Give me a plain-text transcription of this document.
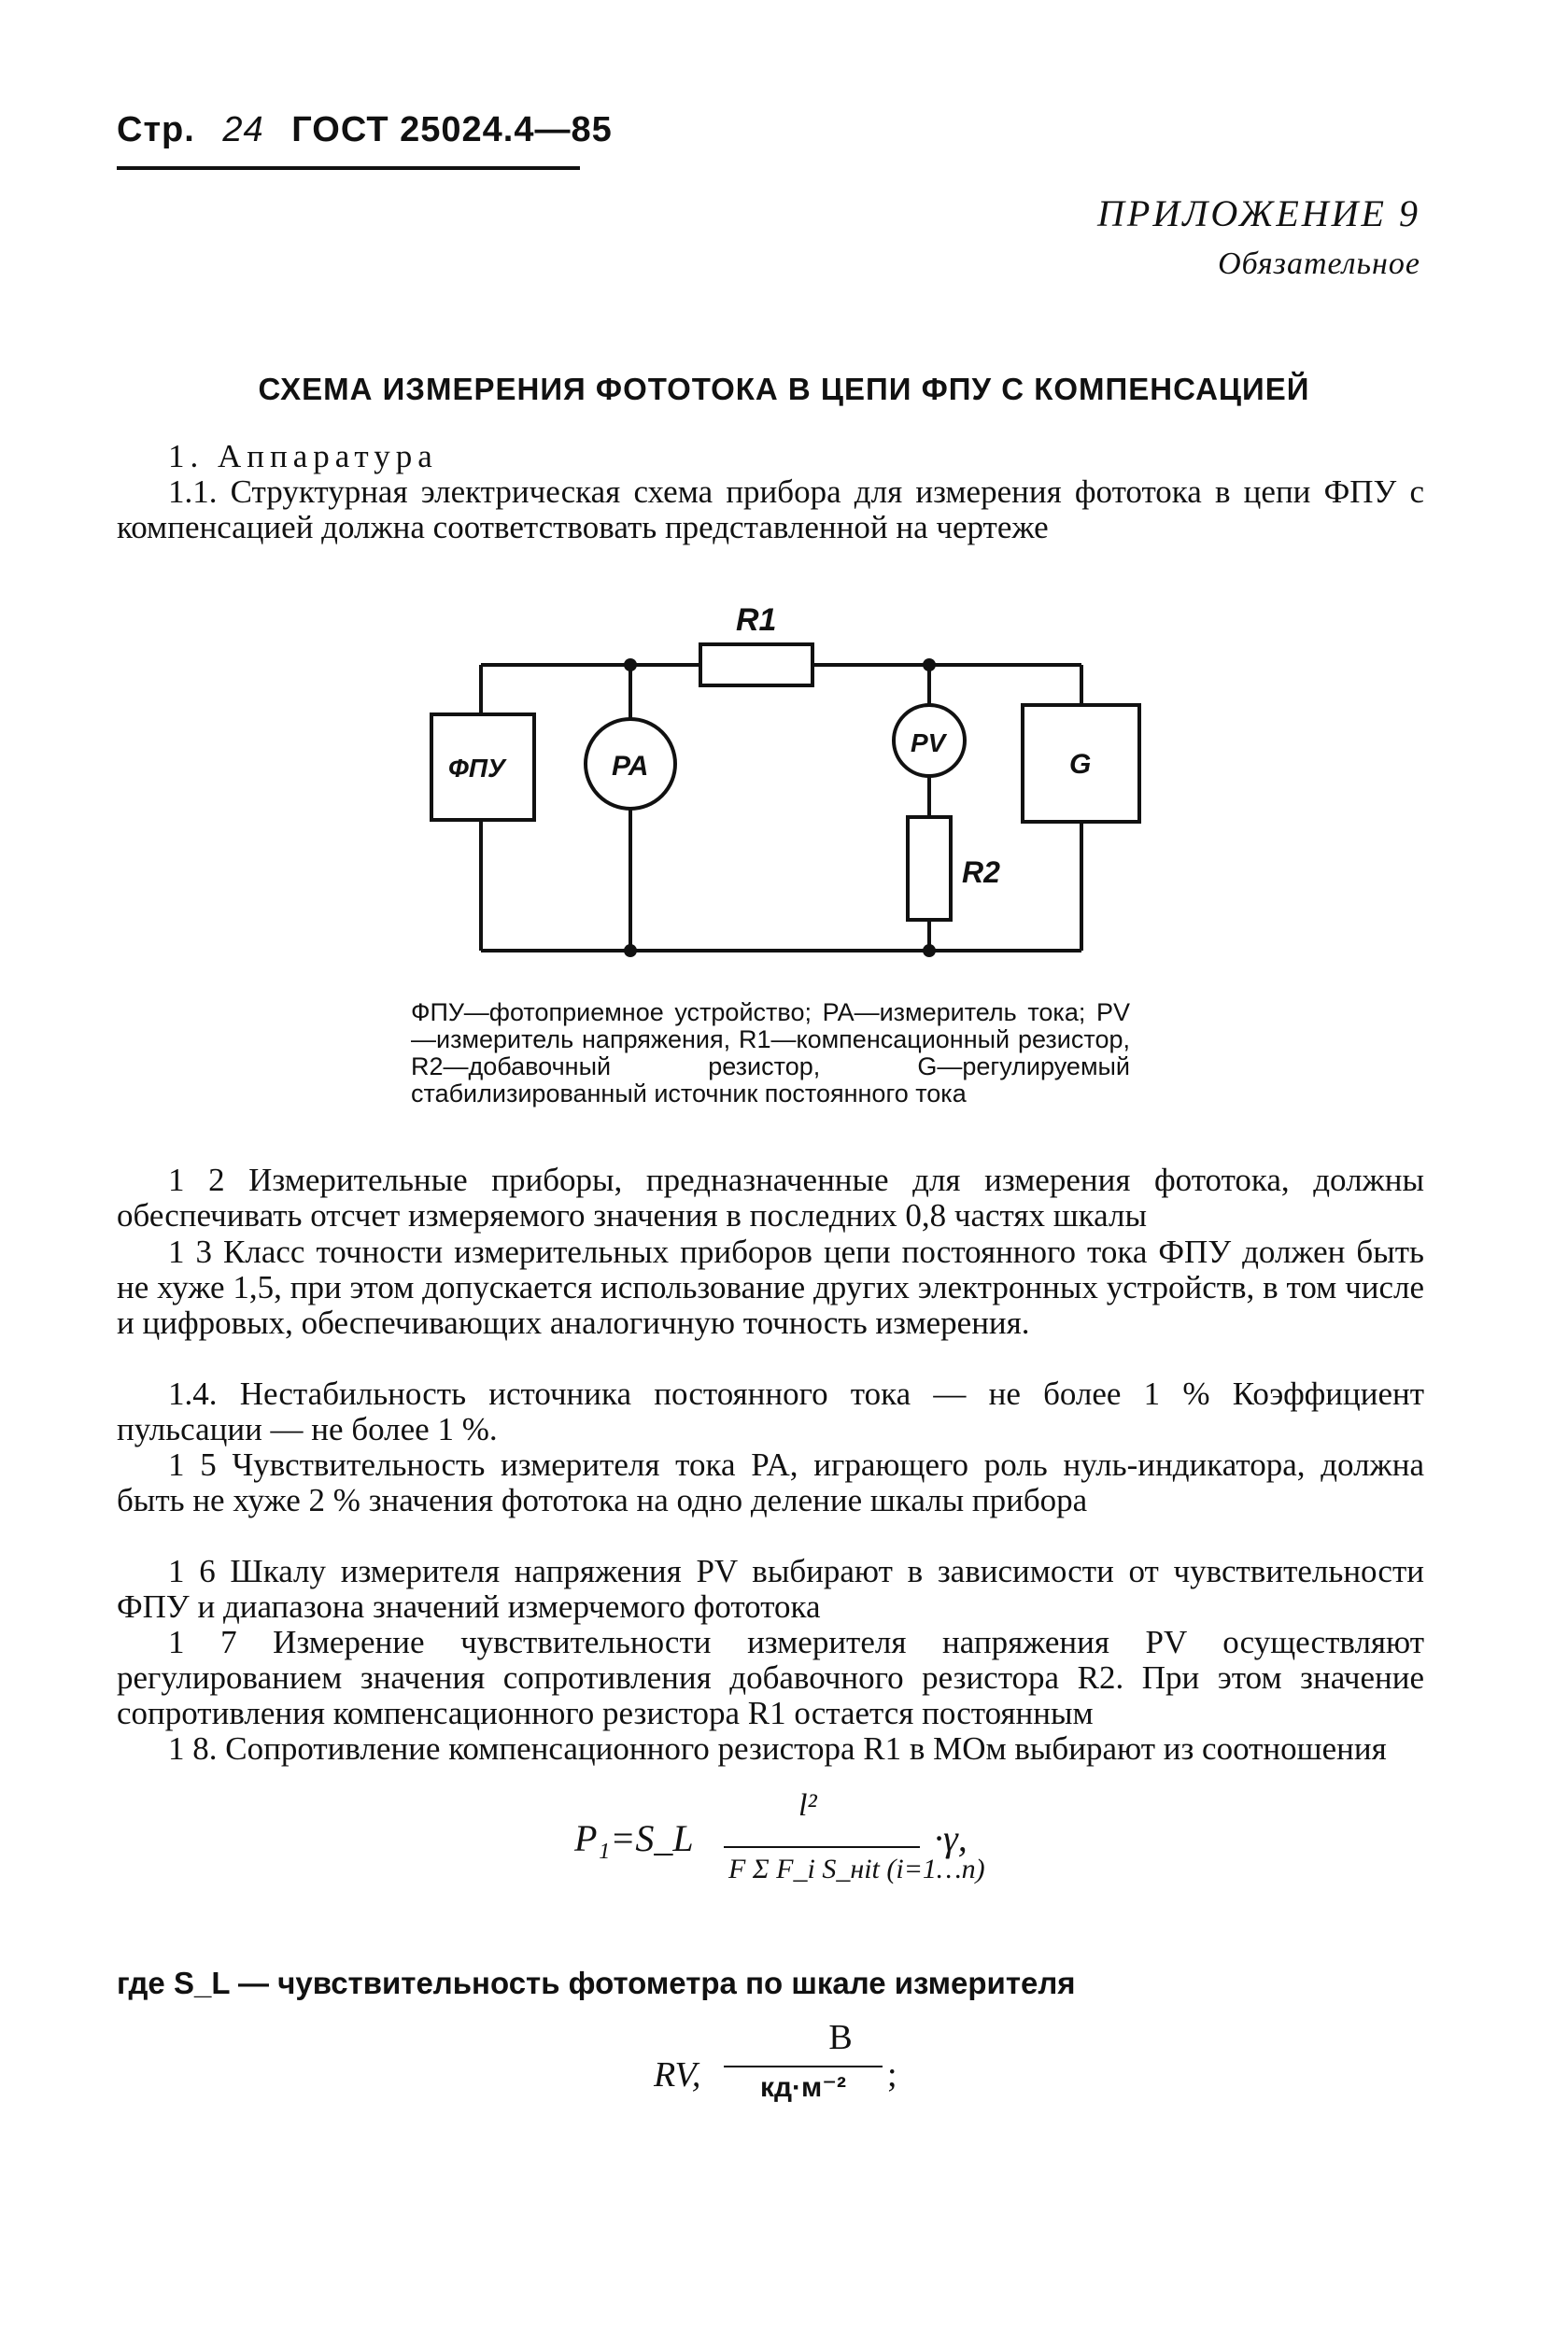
Стр. 24 ГОСТ 25024.4—85
ПРИЛОЖЕНИЕ 9
Обязательное
СХЕМА ИЗМЕРЕНИЯ ФОТОТОКА В ЦЕПИ ФПУ С КОМПЕНСАЦИЕЙ
1. Аппаратура
1.1. Структурная электрическая схема прибора для измерения фототока в цепи ФПУ с компенсацией должна соответствовать представленной на чертеже
R1
ФПУ	PA
PV
G
R2
ФПУ—фотоприемное устройство; PA—измеритель тока; PV—измеритель напряжения, R1—компенсационный резистор, R2—добавочный резистор, G—регулируемый стабилизированный источник постоянного тока
1 2 Измерительные приборы, предназначенные для измерения фототока, должны обеспечивать отсчет измеряемого значения в последних 0,8 частях шкалы
1 3 Класс точности измерительных приборов цепи постоянного тока ФПУ должен быть не хуже 1,5, при этом допускается использование других электронных устройств, в том числе и цифровых, обеспечивающих аналогичную точность измерения.
1.4. Нестабильность источника постоянного тока — не более 1 % Коэффициент пульсации — не более 1 %.
1 5 Чувствительность измерителя тока PA, играющего роль нуль-индикатора, должна быть не хуже 2 % значения фототока на одно деление шкалы прибора
1 6 Шкалу измерителя напряжения PV выбирают в зависимости от чувствительности ФПУ и диапазона значений измерчемого фототока
1 7 Измерение чувствительности измерителя напряжения PV осуществляют регулированием значения сопротивления добавочного резистора R2. При этом значение сопротивления компенсационного резистора R1 остается постоянным
1 8. Сопротивление компенсационного резистора R1 в МОм выбирают из соотношения
P₁=S_L
l²
F Σ F_i S_нit (i=1…n)
·γ,
где S_L — чувствительность фотометра по шкале измерителя
RV,
В
кд·м⁻²	;
